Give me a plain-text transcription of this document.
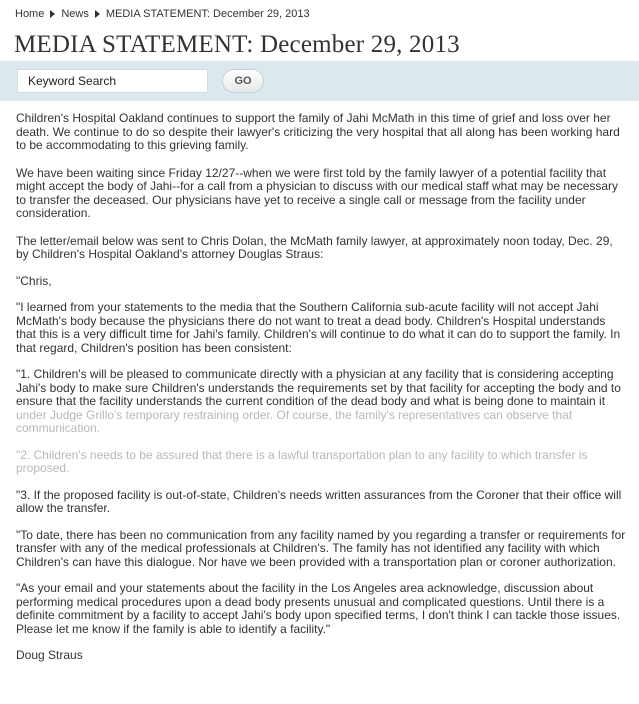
Home News MEDIA STATEMENT: December 29, 2013
MEDIA STATEMENT: December 29, 2013
Keyword Search
GO

Children's Hospital Oakland continues to support the family of Jahi McMath in this time of grief and loss over her death. We continue to do so despite their lawyer's criticizing the very hospital that all along has been working hard to be accommodating to this grieving family.

We have been waiting since Friday 12/27--when we were first told by the family lawyer of a potential facility that might accept the body of Jahi--for a call from a physician to discuss with our medical staff what may be necessary to transfer the deceased. Our physicians have yet to receive a single call or message from the facility under consideration.

The letter/email below was sent to Chris Dolan, the McMath family lawyer, at approximately noon today, Dec. 29, by Children's Hospital Oakland's attorney Douglas Straus:

"Chris,

"I learned from your statements to the media that the Southern California sub-acute facility will not accept Jahi McMath's body because the physicians there do not want to treat a dead body. Children's Hospital understands that this is a very difficult time for Jahi's family. Children's will continue to do what it can do to support the family. In that regard, Children's position has been consistent:

"1. Children's will be pleased to communicate directly with a physician at any facility that is considering accepting Jahi's body to make sure Children's understands the requirements set by that facility for accepting the body and to ensure that the facility understands the current condition of the dead body and what is being done to maintain it under Judge Grillo's temporary restraining order. Of course, the family's representatives can observe that communication.

"2. Children's needs to be assured that there is a lawful transportation plan to any facility to which transfer is proposed.

"3. If the proposed facility is out-of-state, Children's needs written assurances from the Coroner that their office will allow the transfer.

"To date, there has been no communication from any facility named by you regarding a transfer or requirements for transfer with any of the medical professionals at Children's. The family has not identified any facility with which Children's can have this dialogue. Nor have we been provided with a transportation plan or coroner authorization.

"As your email and your statements about the facility in the Los Angeles area acknowledge, discussion about performing medical procedures upon a dead body presents unusual and complicated questions. Until there is a definite commitment by a facility to accept Jahi's body upon specified terms, I don't think I can tackle those issues. Please let me know if the family is able to identify a facility."

Doug Straus
